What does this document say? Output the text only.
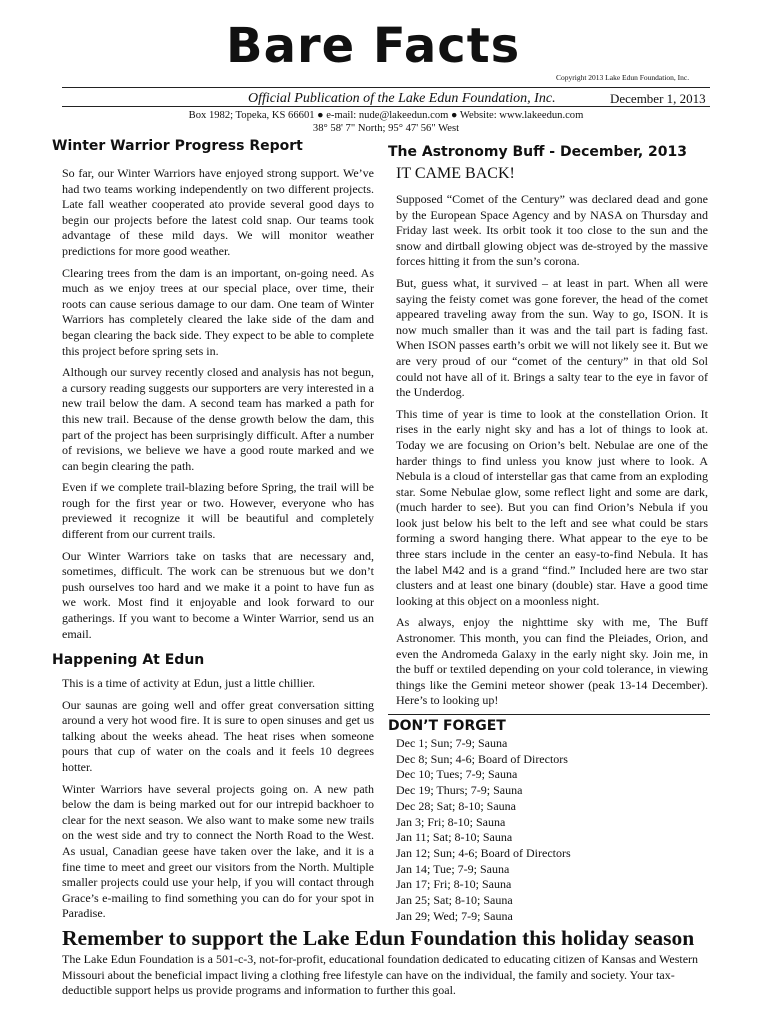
Bare Facts
Copyright 2013 Lake Edun Foundation, Inc.
Official Publication of the Lake Edun Foundation, Inc.	December 1, 2013
Box 1982; Topeka, KS 66601 ● e-mail: nude@lakeedun.com ● Website: www.lakeedun.com
38° 58' 7" North; 95° 47' 56" West
Winter Warrior Progress Report

So far, our Winter Warriors have enjoyed strong support. We’ve had two teams working independently on two different projects. Late fall weather cooperated ato provide several good days to begin our projects before the latest cold snap. Our teams took advantage of these mild days. We will monitor weather predictions for more good weather.

Clearing trees from the dam is an important, on-going need. As much as we enjoy trees at our special place, over time, their roots can cause serious damage to our dam. One team of Winter Warriors has completely cleared the lake side of the dam and began clearing the back side. They expect to be able to complete this project before spring sets in.

Although our survey recently closed and analysis has not begun, a cursory reading suggests our supporters are very interested in a new trail below the dam. A second team has marked a path for this new trail. Because of the dense growth below the dam, this part of the project has been surprisingly difficult. After a number of revisions, we believe we have a good route marked and we can begin clearing the path.

Even if we complete trail-blazing before Spring, the trail will be rough for the first year or two. However, everyone who has previewed it recognize it will be beautiful and completely different from our current trails.

Our Winter Warriors take on tasks that are necessary and, sometimes, difficult. The work can be strenuous but we don’t push ourselves too hard and we make it a point to have fun as we work. Most find it enjoyable and look forward to our gatherings. If you want to become a Winter Warrior, send us an email.

Happening At Edun

This is a time of activity at Edun, just a little chillier.

Our saunas are going well and offer great conversation sitting around a very hot wood fire. It is sure to open sinuses and get us talking about the weeks ahead. The heat rises when someone pours that cup of water on the coals and it feels 10 degrees hotter.

Winter Warriors have several projects going on. A new path below the dam is being marked out for our intrepid backhoer to clear for the next season. We also want to make some new trails on the west side and try to connect the North Road to the West. As usual, Canadian geese have taken over the lake, and it is a fine time to meet and greet our visitors from the North. Multiple smaller projects could use your help, if you will contact through Grace’s e-mailing to find something you can do for your spot in Paradise.

The Astronomy Buff - December, 2013
IT CAME BACK!

Supposed “Comet of the Century” was declared dead and gone by the European Space Agency and by NASA on Thursday and Friday last week. Its orbit took it too close to the sun and the snow and dirtball glowing object was de-stroyed by the massive forces hitting it from the sun’s corona.

But, guess what, it survived – at least in part. When all were saying the feisty comet was gone forever, the head of the comet appeared traveling away from the sun. Way to go, ISON. It is now much smaller than it was and the tail part is fading fast. When ISON passes earth’s orbit we will not likely see it. But we are very proud of our “comet of the century” in that old Sol could not have all of it. Brings a salty tear to the eye in favor of the Underdog.

This time of year is time to look at the constellation Orion. It rises in the early night sky and has a lot of things to look at. Today we are focusing on Orion’s belt. Nebulae are one of the harder things to find unless you know just where to look. A Nebula is a cloud of interstellar gas that came from an exploding star. Some Nebulae glow, some reflect light and some are dark, (much harder to see). But you can find Orion’s Nebula if you look just below his belt to the left and see what could be stars forming a sword hanging there. What appear to the eye to be three stars include in the center an easy-to-find Nebula. It has the label M42 and is a grand “find.” Included here are two star clusters and at least one binary (double) star. Have a good time looking at this object on a moonless night.

As always, enjoy the nighttime sky with me, The Buff Astronomer. This month, you can find the Pleiades, Orion, and even the Andromeda Galaxy in the early night sky. Join me, in the buff or textiled depending on your cold tolerance, in viewing things like the Gemini meteor shower (peak 13-14 December). Here’s to looking up!

DON’T FORGET
Dec 1; Sun; 7-9; Sauna
Dec 8; Sun; 4-6; Board of Directors
Dec 10; Tues; 7-9; Sauna
Dec 19; Thurs; 7-9; Sauna
Dec 28; Sat; 8-10; Sauna
Jan 3; Fri; 8-10; Sauna
Jan 11; Sat; 8-10; Sauna
Jan 12; Sun; 4-6; Board of Directors
Jan 14; Tue; 7-9; Sauna
Jan 17; Fri; 8-10; Sauna
Jan 25; Sat; 8-10; Sauna
Jan 29; Wed; 7-9; Sauna
Remember to support the Lake Edun Foundation this holiday season
The Lake Edun Foundation is a 501-c-3, not-for-profit, educational foundation dedicated to educating citizen of Kansas and Western Missouri about the beneficial impact living a clothing free lifestyle can have on the individual, the family and society. Your tax-deductible support helps us provide programs and information to further this goal.
